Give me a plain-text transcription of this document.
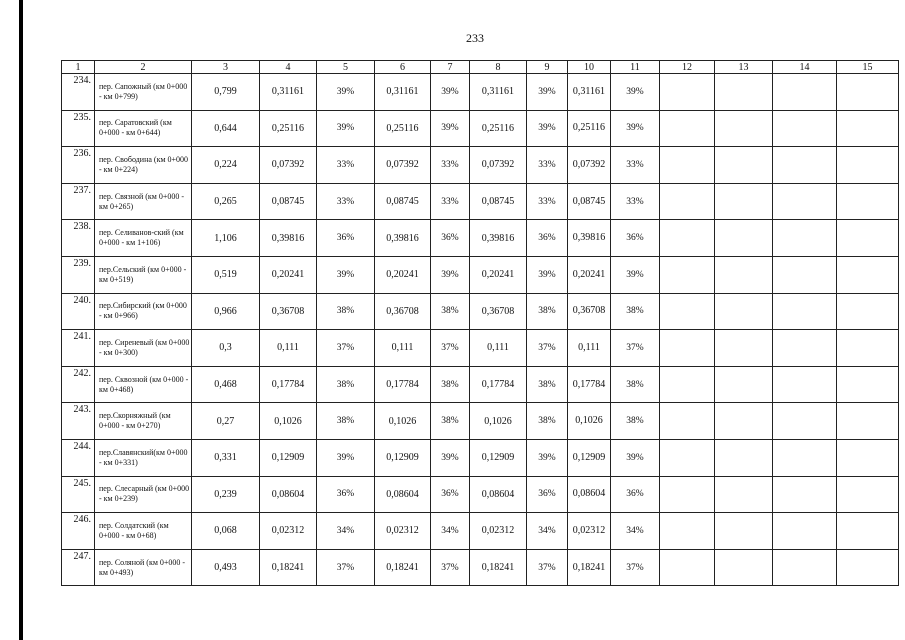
233
1	2	3	4	5	6	7	8	9	10	11	12	13	14	15
234.	пер. Сапожный (км 0+000 - км 0+799)	0,799	0,31161	39%	0,31161	39%	0,31161	39%	0,31161	39%				
235.	пер. Саратовский (км 0+000 - км 0+644)	0,644	0,25116	39%	0,25116	39%	0,25116	39%	0,25116	39%				
236.	пер. Свободина (км 0+000 - км 0+224)	0,224	0,07392	33%	0,07392	33%	0,07392	33%	0,07392	33%				
237.	пер. Связной (км 0+000 - км 0+265)	0,265	0,08745	33%	0,08745	33%	0,08745	33%	0,08745	33%				
238.	пер. Селиванов-ский (км 0+000 - км 1+106)	1,106	0,39816	36%	0,39816	36%	0,39816	36%	0,39816	36%				
239.	пер.Сельский (км 0+000 - км 0+519)	0,519	0,20241	39%	0,20241	39%	0,20241	39%	0,20241	39%				
240.	пер.Сибирский (км 0+000 - км 0+966)	0,966	0,36708	38%	0,36708	38%	0,36708	38%	0,36708	38%				
241.	пер. Сиреневый (км 0+000 - км 0+300)	0,3	0,111	37%	0,111	37%	0,111	37%	0,111	37%				
242.	пер. Сквозной (км 0+000 - км 0+468)	0,468	0,17784	38%	0,17784	38%	0,17784	38%	0,17784	38%				
243.	пер.Скорняжный (км 0+000 - км 0+270)	0,27	0,1026	38%	0,1026	38%	0,1026	38%	0,1026	38%				
244.	пер.Славянский(км 0+000 - км 0+331)	0,331	0,12909	39%	0,12909	39%	0,12909	39%	0,12909	39%				
245.	пер. Слесарный (км 0+000 - км 0+239)	0,239	0,08604	36%	0,08604	36%	0,08604	36%	0,08604	36%				
246.	пер. Солдатский (км 0+000 - км 0+68)	0,068	0,02312	34%	0,02312	34%	0,02312	34%	0,02312	34%				
247.	пер. Соляной (км 0+000 - км 0+493)	0,493	0,18241	37%	0,18241	37%	0,18241	37%	0,18241	37%				
